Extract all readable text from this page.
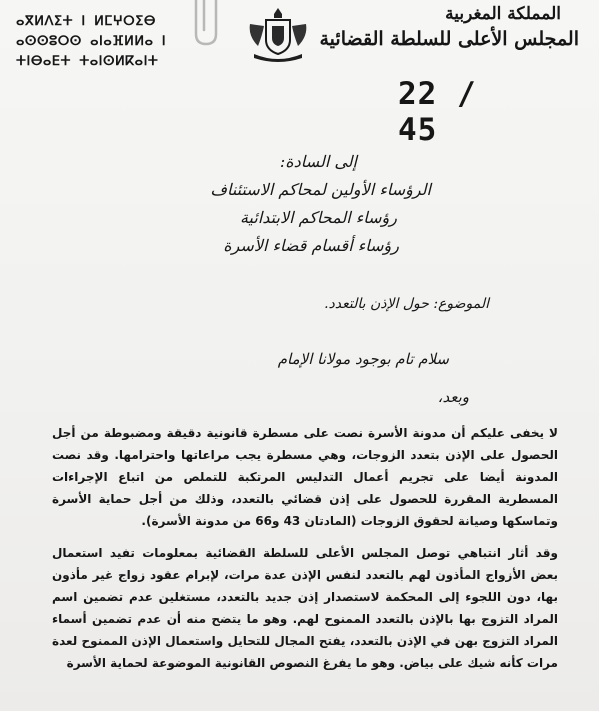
ⴰⴳⵍⴷⵉⵜ ⵏ ⵍⵎⵖⵔⵉⴱ
ⴰⵙⵙⵓⵔⵙ ⴰⵏⴰⴼⵍⵍⴰ ⵏ ⵜⵏⴱⴰⴹⵜ ⵜⴰⵏⵙⵍⴽⴰⵏⵜ
المملكة المغربية
المجلس الأعلى للسلطة القضائية
22 / 45
إلى السادة:
الرؤساء الأولين لمحاكم الاستئناف
رؤساء المحاكم الابتدائية
رؤساء أقسام قضاء الأسرة
الموضوع: حول الإذن بالتعدد.
سلام تام بوجود مولانا الإمام
وبعد،
لا يخفى عليكم أن مدونة الأسرة نصت على مسطرة قانونية دقيقة ومضبوطة من أجل الحصول على الإذن بتعدد الزوجات، وهي مسطرة يجب مراعاتها واحترامها. وقد نصت المدونة أيضا على تجريم أعمال التدليس المرتكبة للتملص من اتباع الإجراءات المسطرية المقررة للحصول على إذن قضائي بالتعدد، وذلك من أجل حماية الأسرة وتماسكها وصيانة لحقوق الزوجات (المادتان 43 و66 من مدونة الأسرة).
وقد أثار انتباهي توصل المجلس الأعلى للسلطة القضائية بمعلومات تفيد استعمال بعض الأزواج المأذون لهم بالتعدد لنفس الإذن عدة مرات، لإبرام عقود زواج غير مأذون بها، دون اللجوء إلى المحكمة لاستصدار إذن جديد بالتعدد، مستغلين عدم تضمين اسم المراد التزوج بها بالإذن بالتعدد الممنوح لهم. وهو ما يتضح منه أن عدم تضمين أسماء المراد التزوج بهن في الإذن بالتعدد، يفتح المجال للتحايل واستعمال الإذن الممنوح لعدة مرات كأنه شيك على بياض. وهو ما يفرغ النصوص القانونية الموضوعة لحماية الأسرة
